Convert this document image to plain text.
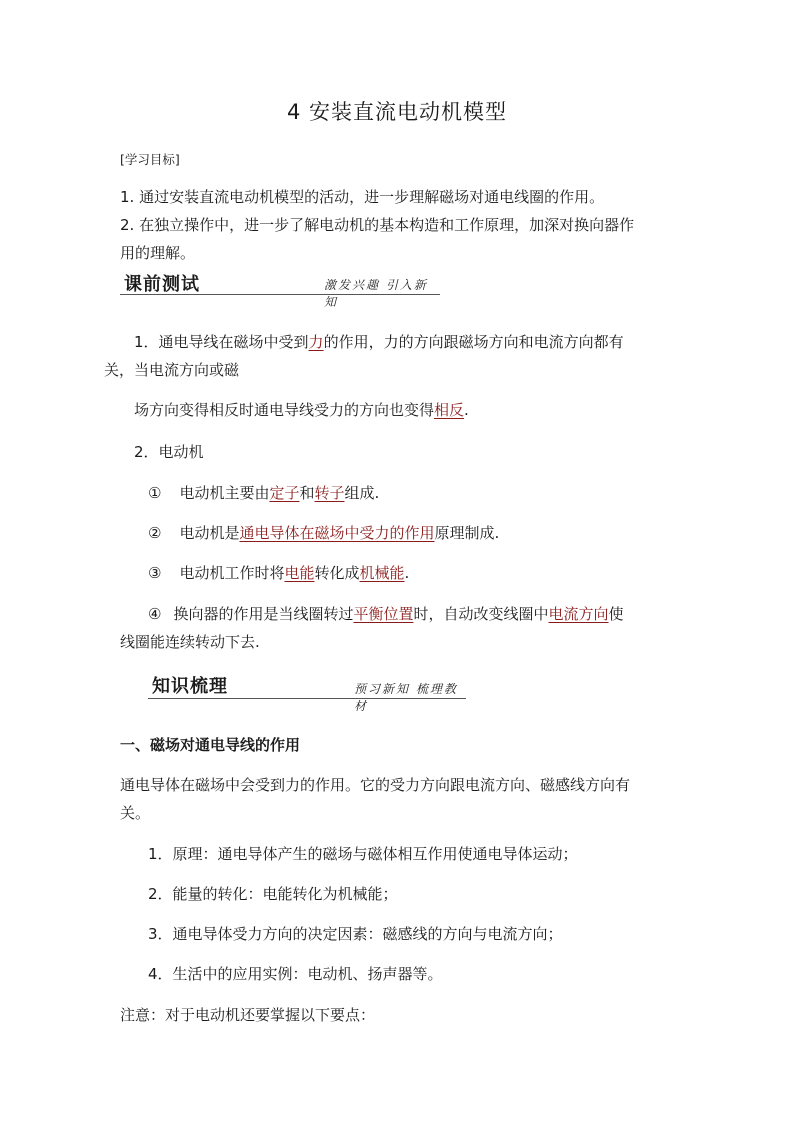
4 安装直流电动机模型
[学习目标]
1. 通过安装直流电动机模型的活动，进一步理解磁场对通电线圈的作用。
2. 在独立操作中，进一步了解电动机的基本构造和工作原理，加深对换向器作
用的理解。
课前测试	激发兴趣 引入新知
1．通电导线在磁场中受到力的作用，力的方向跟磁场方向和电流方向都有
关，当电流方向或磁
场方向变得相反时通电导线受力的方向也变得相反.
2．电动机
① 电动机主要由定子和转子组成.
② 电动机是通电导体在磁场中受力的作用原理制成.
③ 电动机工作时将电能转化成机械能.
④ 换向器的作用是当线圈转过平衡位置时，自动改变线圈中电流方向使
线圈能连续转动下去.
知识梳理	预习新知 梳理教材
一、磁场对通电导线的作用
通电导体在磁场中会受到力的作用。它的受力方向跟电流方向、磁感线方向有
关。
1．原理：通电导体产生的磁场与磁体相互作用使通电导体运动；
2．能量的转化：电能转化为机械能；
3．通电导体受力方向的决定因素：磁感线的方向与电流方向；
4．生活中的应用实例：电动机、扬声器等。
注意：对于电动机还要掌握以下要点：
